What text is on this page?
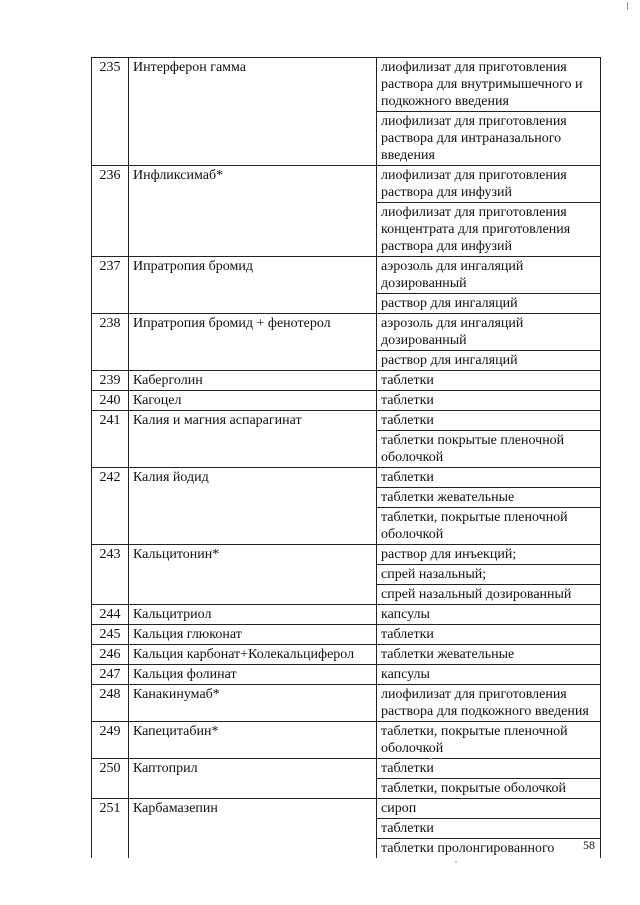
235	Интерферон гамма	лиофилизат для приготовления раствора для внутримышечного и подкожного введения
		лиофилизат для приготовления раствора для интраназального введения
236	Инфликсимаб*	лиофилизат для приготовления раствора для инфузий
		лиофилизат для приготовления концентрата для приготовления раствора для инфузий
237	Ипратропия бромид	аэрозоль для ингаляций дозированный
		раствор для ингаляций
238	Ипратропия бромид + фенотерол	аэрозоль для ингаляций дозированный
		раствор для ингаляций
239	Каберголин	таблетки
240	Кагоцел	таблетки
241	Калия и магния аспарагинат	таблетки
		таблетки покрытые пленочной оболочкой
242	Калия йодид	таблетки
		таблетки жевательные
		таблетки, покрытые пленочной оболочкой
243	Кальцитонин*	раствор для инъекций;
		спрей назальный;
		спрей назальный дозированный
244	Кальцитриол	капсулы
245	Кальция глюконат	таблетки
246	Кальция карбонат+Колекальциферол	таблетки жевательные
247	Кальция фолинат	капсулы
248	Канакинумаб*	лиофилизат для приготовления раствора для подкожного введения
249	Капецитабин*	таблетки, покрытые пленочной оболочкой
250	Каптоприл	таблетки
		таблетки, покрытые оболочкой
251	Карбамазепин	сироп
		таблетки
		таблетки пролонгированного 58
